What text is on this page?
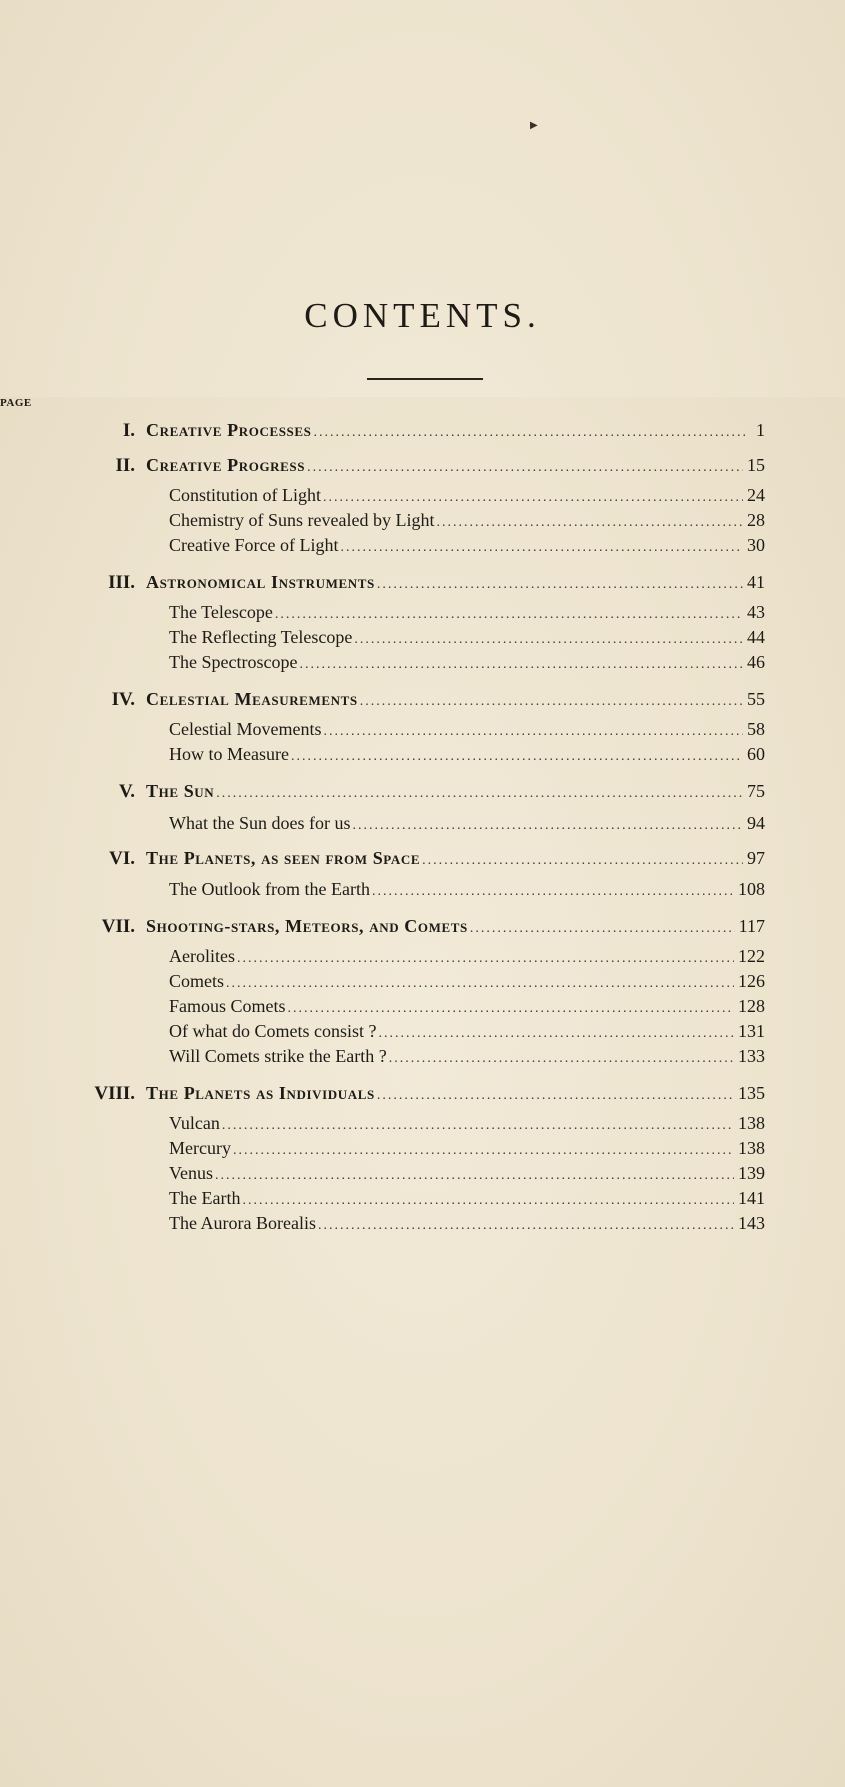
▶
CONTENTS.
PAGE
I. Creative Processes .....	1
II. Creative Progress .....	15
Constitution of Light .....	24
Chemistry of Suns revealed by Light .....	28
Creative Force of Light .....	30
III. Astronomical Instruments .....	41
The Telescope .....	43
The Reflecting Telescope .....	44
The Spectroscope .....	46
IV. Celestial Measurements .....	55
Celestial Movements .....	58
How to Measure .....	60
V. The Sun .....	75
What the Sun does for us .....	94
VI. The Planets, as seen from Space .....	97
The Outlook from the Earth .....	108
VII. Shooting-stars, Meteors, and Comets .....	117
Aerolites .....	122
Comets .....	126
Famous Comets .....	128
Of what do Comets consist ? .....	131
Will Comets strike the Earth ? .....	133
VIII. The Planets as Individuals .....	135
Vulcan .....	138
Mercury .....	138
Venus .....	139
The Earth .....	141
The Aurora Borealis .....	143
